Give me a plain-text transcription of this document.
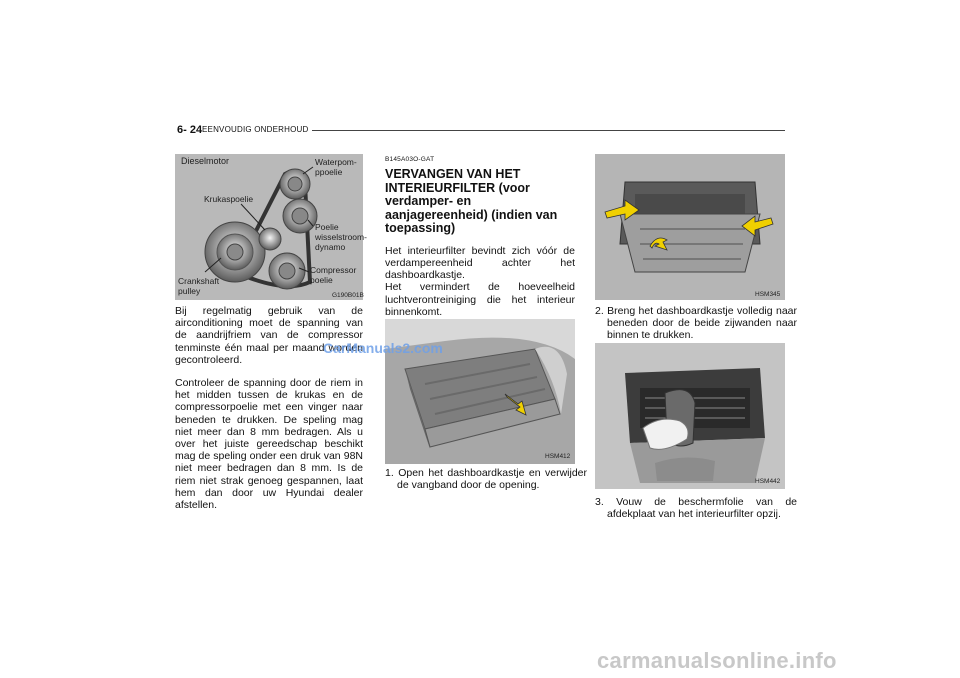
6- 24 EENVOUDIG ONDERHOUD
Dieselmotor	Waterpom-
ppoelie
Krukaspoelie
Poelie
wisselstroom-
dynamo
Crankshaft
pulley
Compressor
poelie
G190B01B

Bij regelmatig gebruik van de airconditioning moet de spanning van de aandrijfriem van de compressor tenminste één maal per maand worden gecontroleerd.

Controleer de spanning door de riem in het midden tussen de krukas en de compressorpoelie met een vinger naar beneden te drukken. De speling mag niet meer dan 8 mm bedragen. Als u over het juiste gereedschap beschikt mag de speling onder een druk van 98N niet meer bedragen dan 8 mm. Is de riem niet strak genoeg gespannen, laat hem dan door uw Hyundai dealer afstellen.

B145A03O-GAT
VERVANGEN VAN HET INTERIEURFILTER (voor verdamper- en aanjagereenheid) (indien van toepassing)
Het interieurfilter bevindt zich vóór de verdampereenheid achter het dashboardkastje.
Het vermindert de hoeveelheid luchtverontreiniging die het interieur binnenkomt.
HSM412
1. Open het dashboardkastje en verwijder de vangband door de opening.
HSM345
2. Breng het dashboardkastje volledig naar beneden door de beide zijwanden naar binnen te drukken.
HSM442
3. Vouw de beschermfolie van de afdekplaat van het interieurfilter opzij.
CarManuals2.com
carmanualsonline.info
